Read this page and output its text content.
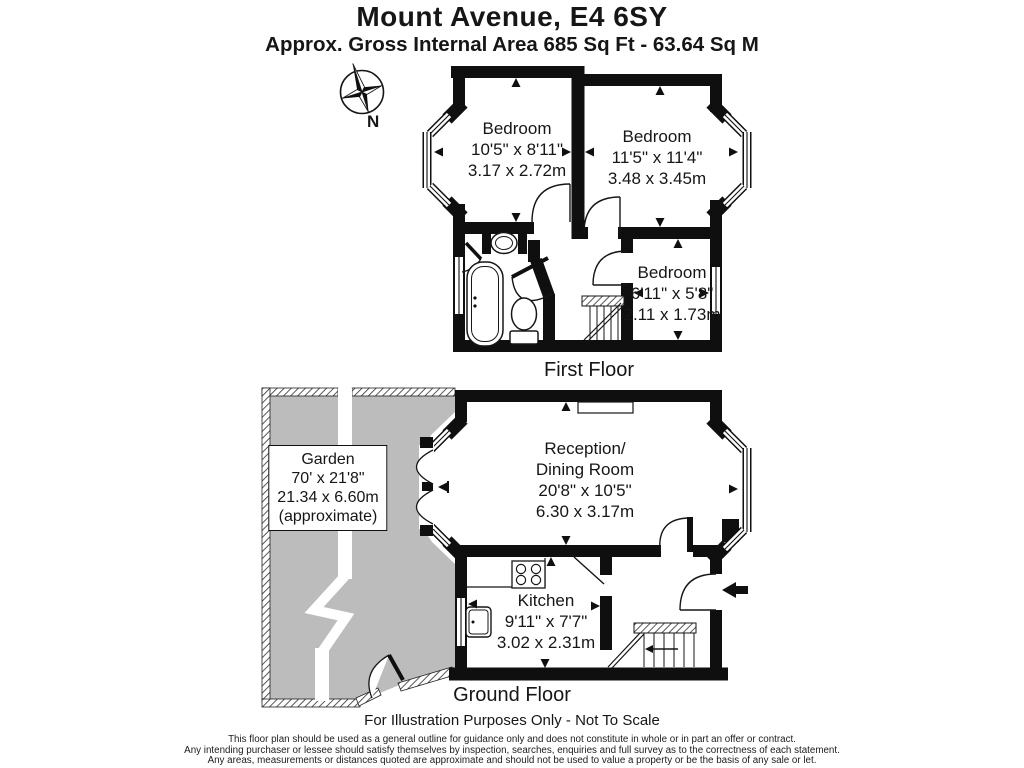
Mount Avenue, E4 6SY
Approx. Gross Internal Area 685 Sq Ft - 63.64 Sq M
N	Bedroom
10'5" x 8'11"
3.17 x 2.72m
Bedroom
11'5" x 11'4"
3.48 x 3.45m
Bedroom
6'11" x 5'8"
2.11 x 1.73m
First Floor
Reception/
Dining Room
20'8" x 10'5"
6.30 x 3.17m
Kitchen
9'11" x 7'7"
3.02 x 2.31m
Garden
70' x 21'8"
21.34 x 6.60m
(approximate)
Ground Floor
For Illustration Purposes Only - Not To Scale
This floor plan should be used as a general outline for guidance only and does not constitute in whole or in part an offer or contract.
Any intending purchaser or lessee should satisfy themselves by inspection, searches, enquiries and full survey as to the correctness of each statement.
Any areas, measurements or distances quoted are approximate and should not be used to value a property or be the basis of any sale or let.
